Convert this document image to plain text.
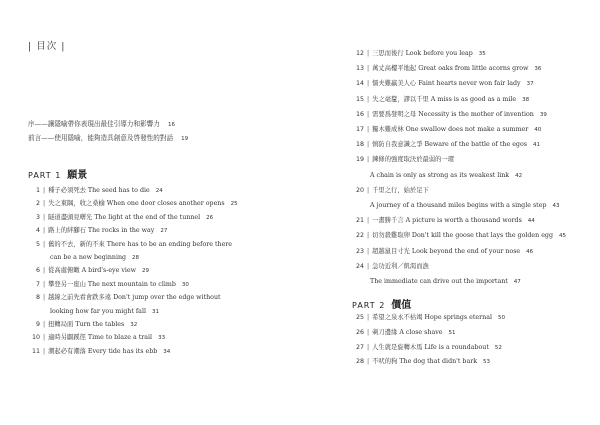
| 目次 |
序——讓隱喻帶你表現出最佳引導力和影響力 16
前言——使用隱喻，能夠造具創意及啓發性的對話 19
PART 1 願景
1 | 種子必須死去 The seed has to die 24
2 | 失之東隅，收之桑榆 When one door closes another opens 25
3 | 隧道盡頭見曙光 The light at the end of the tunnel 26
4 | 路上的絆腳石 The rocks in the way 27
5 | 舊的不去，新的不來 There has to be an ending before there
can be a new beginning 28
6 | 從高處俯瞰 A bird's-eye view 29
7 | 攀登另一座山 The next mountain to climb 30
8 | 越線之前先看會跌多遠 Don't jump over the edge without
looking how far you might fall 31
9 | 扭轉局面 Turn the tables 32
10 | 適時另闢蹊徑 Time to blaze a trail 33
11 | 潮起必有潮落 Every tide has its ebb 34
12 | 三思而後行 Look before you leap 35
13 | 萬丈高樓平地起 Great oaks from little acorns grow 36
14 | 懦夫難贏美人心 Faint hearts never won fair lady 37
15 | 失之毫釐，謬以千里 A miss is as good as a mile 38
16 | 需要爲發明之母 Necessity is the mother of invention 39
17 | 獨木難成林 One swallow does not make a summer 40
18 | 慎防自我意識之爭 Beware of the battle of the egos 41
19 | 鍊條的強度取決於最弱的一環
A chain is only as strong as its weakest link 42
20 | 千里之行，始於足下
A journey of a thousand miles begins with a single step 43
21 | 一畫勝千言 A picture is worth a thousand words 44
22 | 切勿殺雞取卵 Don't kill the goose that lays the golden egg 45
23 | 超越鼠目寸光 Look beyond the end of your nose 46
24 | 急功近利／飢渴而漁
The immediate can drive out the important 47
PART 2 價值
25 | 希望之泉永不枯竭 Hope springs eternal 50
26 | 剃刀邊緣 A close shave 51
27 | 人生就是旋轉木馬 Life is a roundabout 52
28 | 不吠的狗 The dog that didn't bark 53
